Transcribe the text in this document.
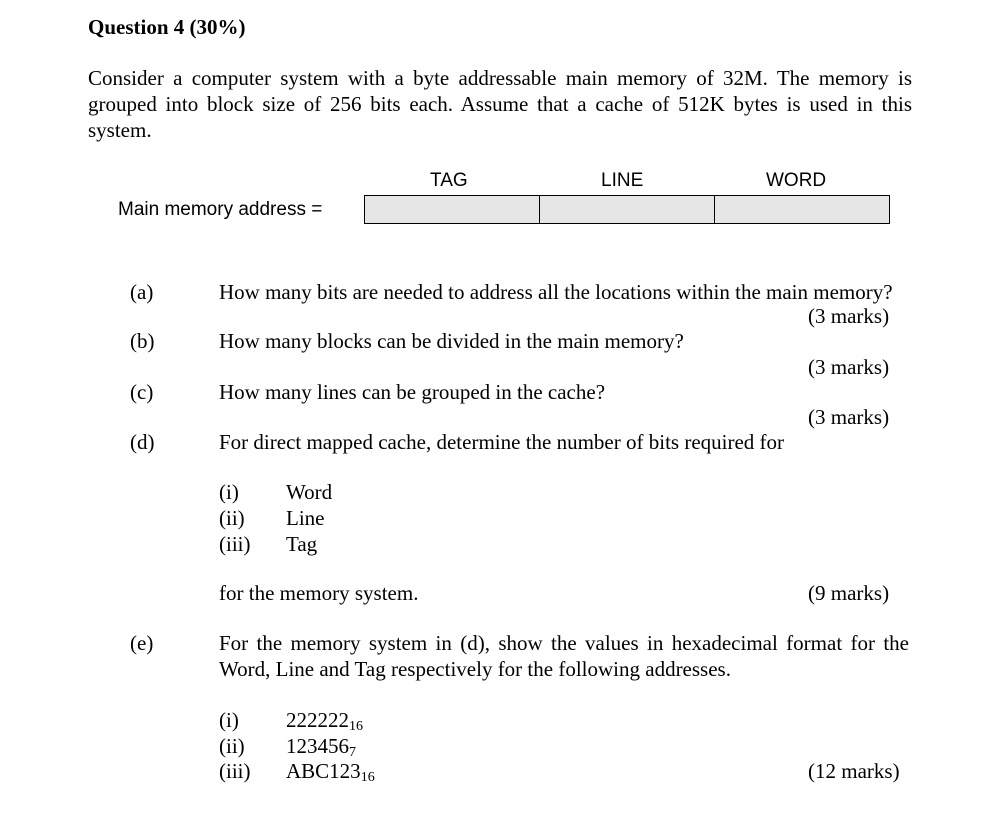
Question 4 (30%)
Consider a computer system with a byte addressable main memory of 32M. The memory is grouped into block size of 256 bits each. Assume that a cache of 512K bytes is used in this system.
TAG	LINE	WORD
Main memory address =
(a)	How many bits are needed to address all the locations within the main memory?
(3 marks)
(b)	How many blocks can be divided in the main memory?
(3 marks)
(c)	How many lines can be grouped in the cache?
(3 marks)
(d)	For direct mapped cache, determine the number of bits required for
(i) Word
(ii) Line
(iii) Tag
for the memory system.	(9 marks)
(e)	For the memory system in (d), show the values in hexadecimal format for the Word, Line and Tag respectively for the following addresses.
(i) $222222_{16}$
(ii) $123456_7$
(iii) $ABC123_{16}$	(12 marks)
